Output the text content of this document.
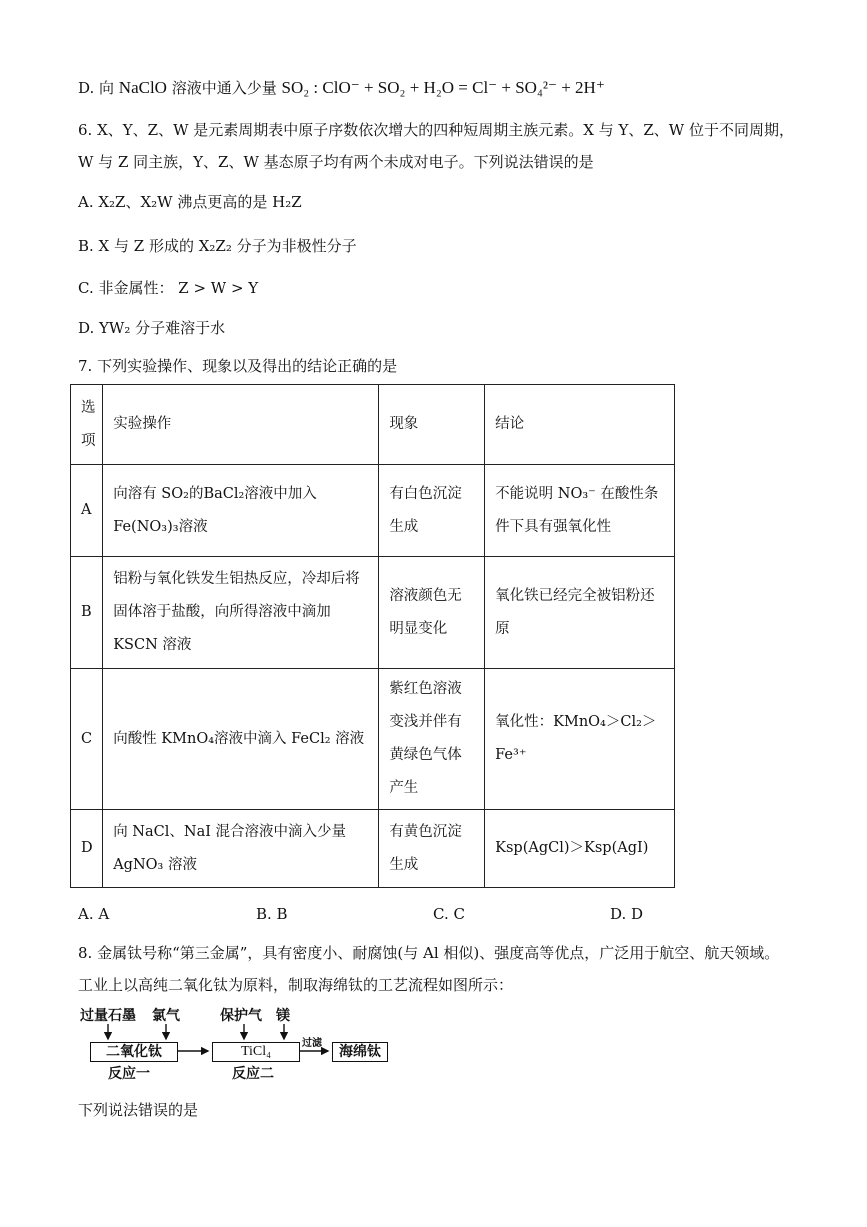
D. 向 NaClO 溶液中通入少量 SO₂ : ClO⁻ + SO₂ + H₂O = Cl⁻ + SO₄²⁻ + 2H⁺
6. X、Y、Z、W 是元素周期表中原子序数依次增大的四种短周期主族元素。X 与 Y、Z、W 位于不同周期，
W 与 Z 同主族，Y、Z、W 基态原子均有两个未成对电子。下列说法错误的是
A. X₂Z、X₂W 沸点更高的是 H₂Z
B. X 与 Z 形成的 X₂Z₂ 分子为非极性分子
C. 非金属性： Z > W > Y
D. YW₂ 分子难溶于水
7. 下列实验操作、现象以及得出的结论正确的是
选项	实验操作	现象	结论
A	向溶有 SO₂的BaCl₂溶液中加入 Fe(NO₃)₃溶液	有白色沉淀生成	不能说明 NO₃⁻ 在酸性条件下具有强氧化性
B	铝粉与氧化铁发生铝热反应，冷却后将固体溶于盐酸，向所得溶液中滴加 KSCN 溶液	溶液颜色无明显变化	氧化铁已经完全被铝粉还原
C	向酸性 KMnO₄溶液中滴入 FeCl₂ 溶液	紫红色溶液变浅并伴有黄绿色气体产生	氧化性：KMnO₄＞Cl₂＞Fe³⁺
D	向 NaCl、NaI 混合溶液中滴入少量 AgNO₃ 溶液	有黄色沉淀生成	Ksp(AgCl)＞Ksp(AgI)
A. A	B. B	C. C	D. D
8. 金属钛号称“第三金属”，具有密度小、耐腐蚀(与 Al 相似)、强度高等优点，广泛用于航空、航天领域。
工业上以高纯二氧化钛为原料，制取海绵钛的工艺流程如图所示：
过量石墨 氯气	保护气 镁
二氧化钛	TiCl₄
过滤
海绵钛
反应一	反应二
下列说法错误的是
